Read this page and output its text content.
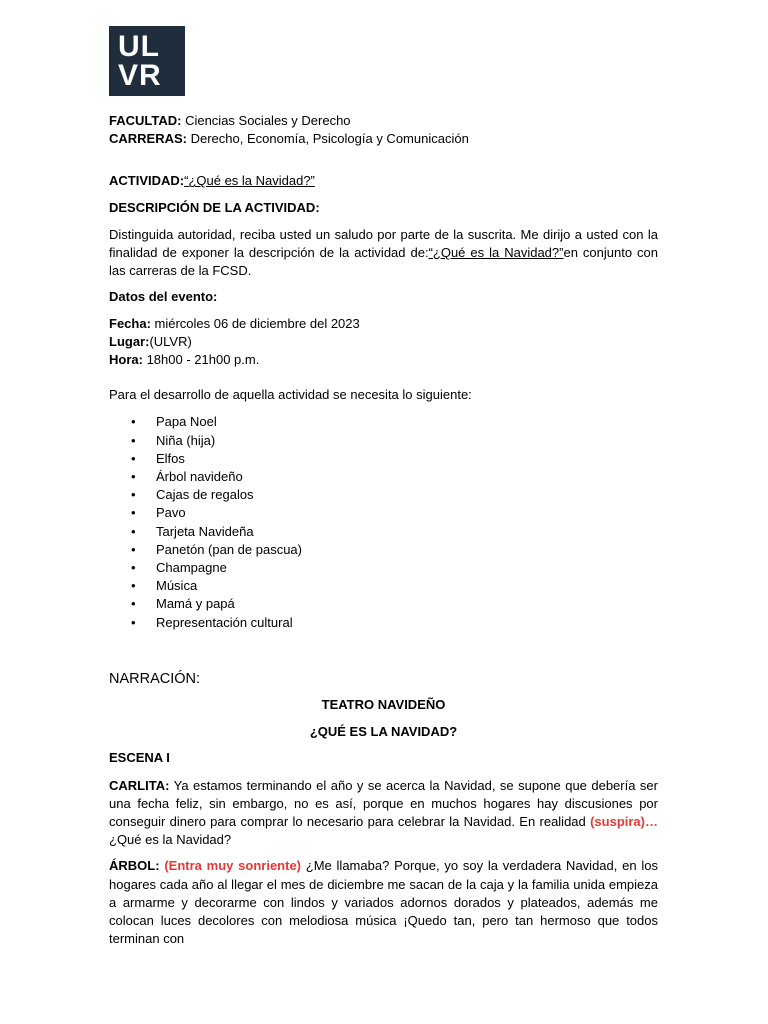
UL
VR

FACULTAD: Ciencias Sociales y Derecho

CARRERAS: Derecho, Economía, Psicología y Comunicación

ACTIVIDAD:“¿Qué es la Navidad?”

DESCRIPCIÓN DE LA ACTIVIDAD:

Distinguida autoridad, reciba usted un saludo por parte de la suscrita. Me dirijo a usted con la finalidad de exponer la descripción de la actividad de:“¿Qué es la Navidad?”en conjunto con las carreras de la FCSD.

Datos del evento:

Fecha: miércoles 06 de diciembre del 2023

Lugar:(ULVR)

Hora: 18h00 - 21h00 p.m.

Para el desarrollo de aquella actividad se necesita lo siguiente:

• Papa Noel
• Niña (hija)
• Elfos
• Árbol navideño
• Cajas de regalos
• Pavo
• Tarjeta Navideña
• Panetón (pan de pascua)
• Champagne
• Música
• Mamá y papá
• Representación cultural

NARRACIÓN:

TEATRO NAVIDEÑO

¿QUÉ ES LA NAVIDAD?

ESCENA I

CARLITA: Ya estamos terminando el año y se acerca la Navidad, se supone que debería ser una fecha feliz, sin embargo, no es así, porque en muchos hogares hay discusiones por conseguir dinero para comprar lo necesario para celebrar la Navidad. En realidad (suspira)… ¿Qué es la Navidad?

ÁRBOL: (Entra muy sonriente) ¿Me llamaba? Porque, yo soy la verdadera Navidad, en los hogares cada año al llegar el mes de diciembre me sacan de la caja y la familia unida empieza a armarme y decorarme con lindos y variados adornos dorados y plateados, además me colocan luces decolores con melodiosa música ¡Quedo tan, pero tan hermoso que todos terminan con
